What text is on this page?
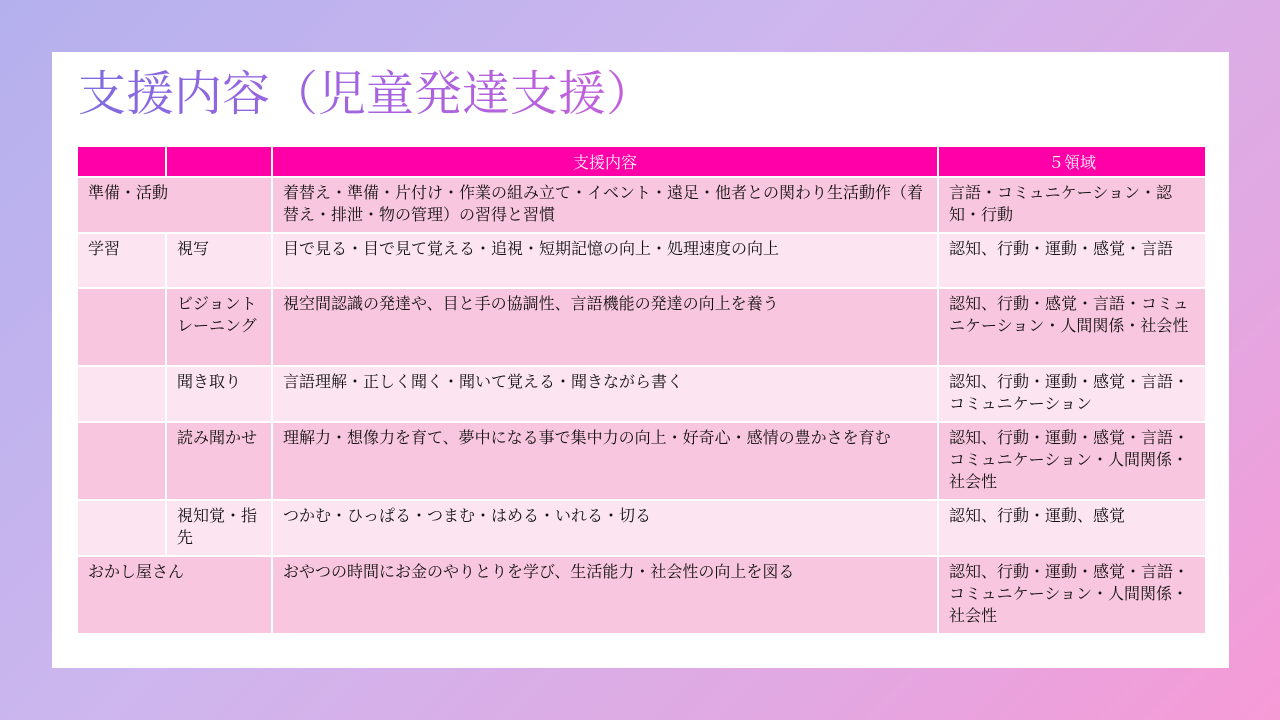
支援内容（児童発達支援）
		支援内容	５領域
準備・活動		着替え・準備・片付け・作業の組み立て・イベント・遠足・他者との関わり生活動作（着替え・排泄・物の管理）の習得と習慣	言語・コミュニケーション・認知・行動
学習	視写	目で見る・目で見て覚える・追視・短期記憶の向上・処理速度の向上	認知、行動・運動・感覚・言語
	ビジョントレーニング	視空間認識の発達や、目と手の協調性、言語機能の発達の向上を養う	認知、行動・感覚・言語・コミュニケーション・人間関係・社会性
	聞き取り	言語理解・正しく聞く・聞いて覚える・聞きながら書く	認知、行動・運動・感覚・言語・コミュニケーション
	読み聞かせ	理解力・想像力を育て、夢中になる事で集中力の向上・好奇心・感情の豊かさを育む	認知、行動・運動・感覚・言語・コミュニケーション・人間関係・社会性
	視知覚・指先	つかむ・ひっぱる・つまむ・はめる・いれる・切る	認知、行動・運動、感覚
おかし屋さん		おやつの時間にお金のやりとりを学び、生活能力・社会性の向上を図る	認知、行動・運動・感覚・言語・コミュニケーション・人間関係・社会性
